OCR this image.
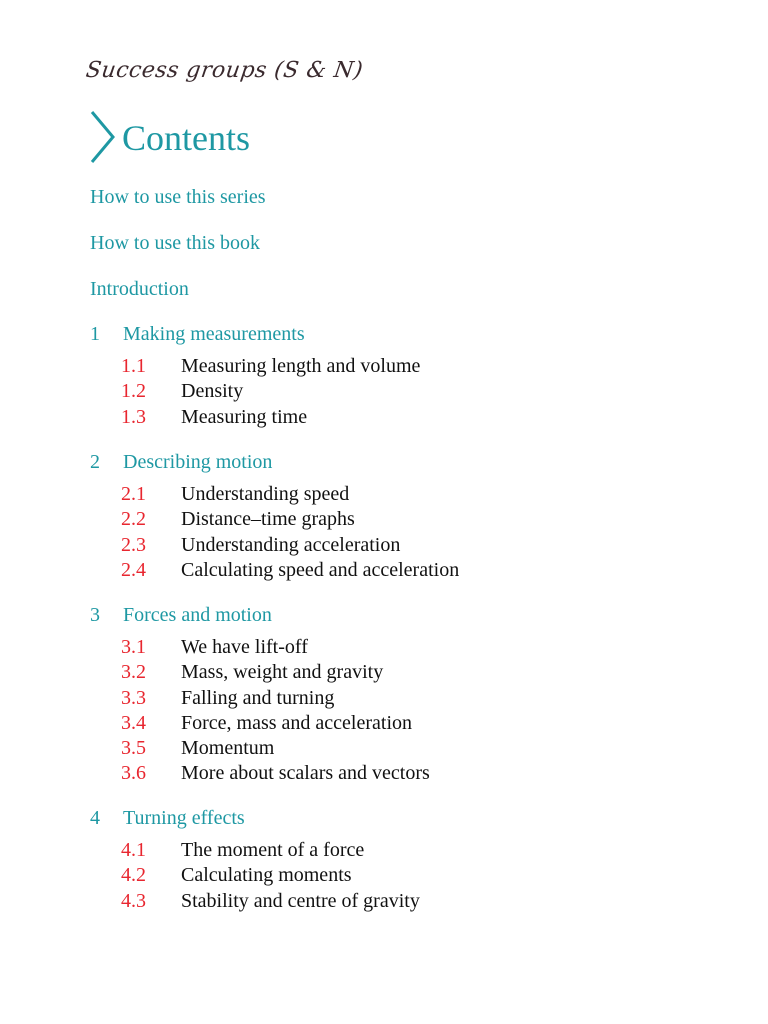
Success groups (S & N)
Contents
How to use this series
How to use this book
Introduction
1 Making measurements
1.1 Measuring length and volume
1.2 Density
1.3 Measuring time
2 Describing motion
2.1 Understanding speed
2.2 Distance–time graphs
2.3 Understanding acceleration
2.4 Calculating speed and acceleration
3 Forces and motion
3.1 We have lift-off
3.2 Mass, weight and gravity
3.3 Falling and turning
3.4 Force, mass and acceleration
3.5 Momentum
3.6 More about scalars and vectors
4 Turning effects
4.1 The moment of a force
4.2 Calculating moments
4.3 Stability and centre of gravity
